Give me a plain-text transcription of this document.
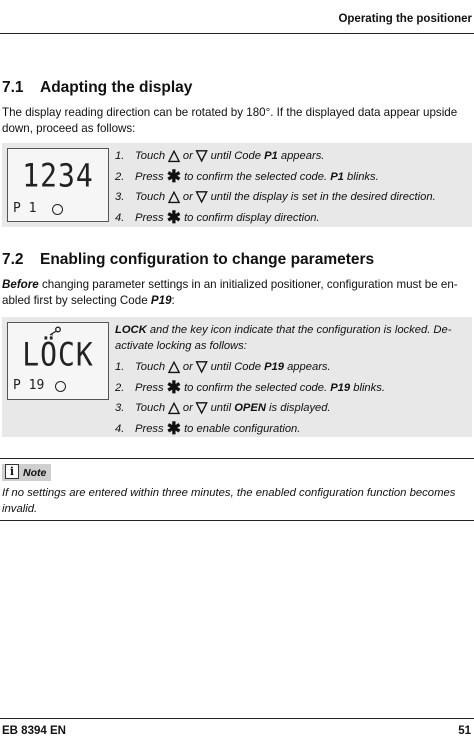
Operating the positioner
7.1 Adapting the display
The display reading direction can be rotated by 180°. If the displayed data appear upside down, proceed as follows:
1234
P 1
1. Touch △ or ▽ until Code P1 appears.
2. Press ✱ to confirm the selected code. P1 blinks.
3. Touch △ or ▽ until the display is set in the desired direction.
4. Press ✱ to confirm display direction.
7.2 Enabling configuration to change parameters
Before changing parameter settings in an initialized positioner, configuration must be en-abled first by selecting Code P19:
LÖCK
P 19
LOCK and the key icon indicate that the configuration is locked. De-activate locking as follows:
1. Touch △ or ▽ until Code P19 appears.
2. Press ✱ to confirm the selected code. P19 blinks.
3. Touch △ or ▽ until OPEN is displayed.
4. Press ✱ to enable configuration.
i Note
If no settings are entered within three minutes, the enabled configuration function becomes invalid.
EB 8394 EN	51
